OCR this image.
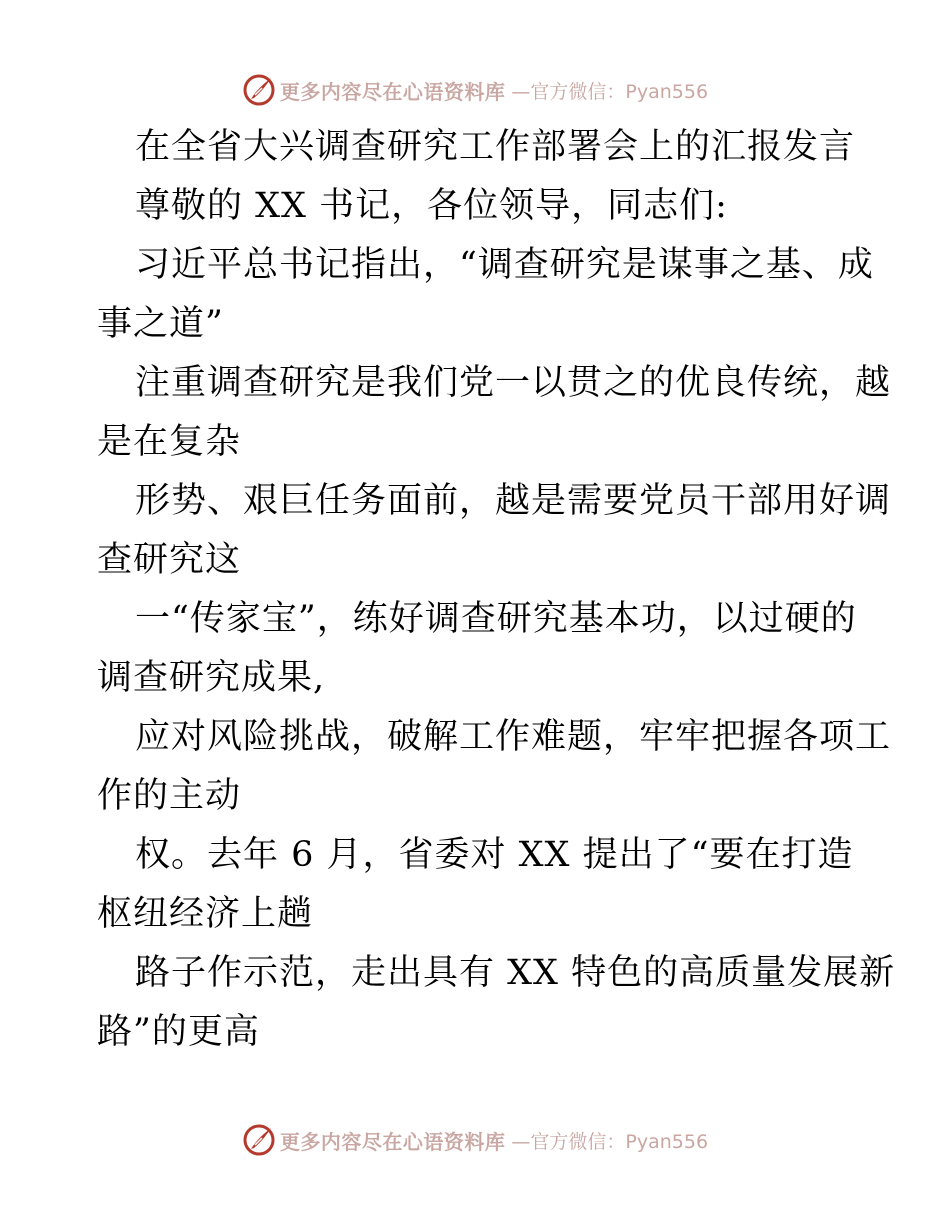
更多内容尽在心语资料库 —官方微信：Pyan556
在全省大兴调查研究工作部署会上的汇报发言
尊敬的 XX 书记，各位领导，同志们:
习近平总书记指出，“调查研究是谋事之基、成
事之道”
注重调查研究是我们党一以贯之的优良传统，越
是在复杂
形势、艰巨任务面前，越是需要党员干部用好调
查研究这
一“传家宝”，练好调查研究基本功，以过硬的
调查研究成果,
应对风险挑战，破解工作难题，牢牢把握各项工
作的主动
权。去年 6 月，省委对 XX 提出了“要在打造
枢纽经济上趟
路子作示范，走出具有 XX 特色的高质量发展新
路”的更高
更多内容尽在心语资料库 —官方微信：Pyan556
